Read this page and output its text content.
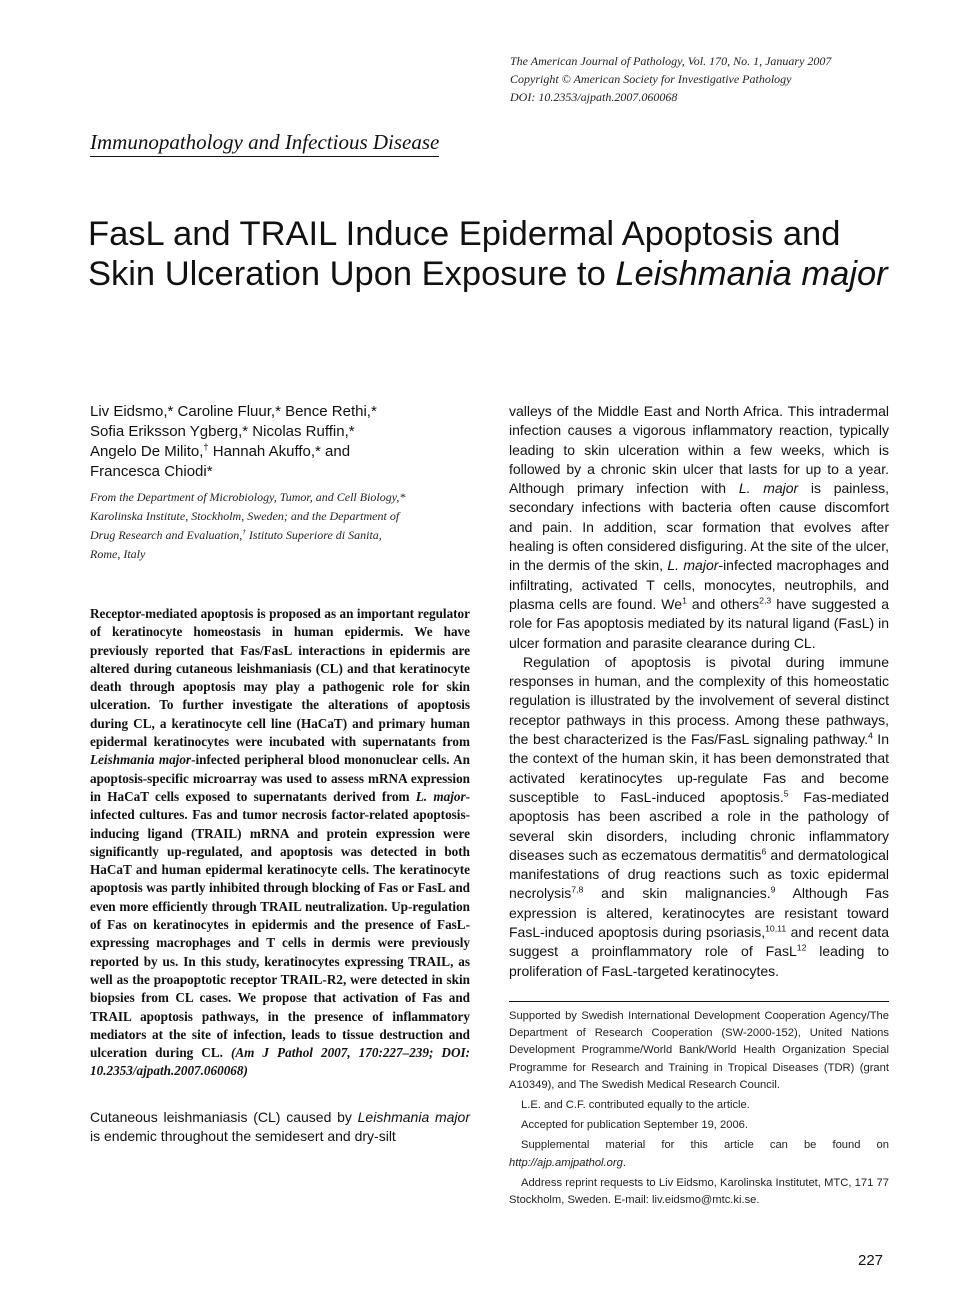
The American Journal of Pathology, Vol. 170, No. 1, January 2007
Copyright © American Society for Investigative Pathology
DOI: 10.2353/ajpath.2007.060068
Immunopathology and Infectious Disease
FasL and TRAIL Induce Epidermal Apoptosis and
Skin Ulceration Upon Exposure to Leishmania major
Liv Eidsmo,* Caroline Fluur,* Bence Rethi,*
Sofia Eriksson Ygberg,* Nicolas Ruffin,*
Angelo De Milito,† Hannah Akuffo,* and
Francesca Chiodi*
From the Department of Microbiology, Tumor, and Cell Biology,*
Karolinska Institute, Stockholm, Sweden; and the Department of
Drug Research and Evaluation,† Istituto Superiore di Sanita,
Rome, Italy
Receptor-mediated apoptosis is proposed as an important regulator of keratinocyte homeostasis in human epidermis. We have previously reported that Fas/FasL interactions in epidermis are altered during cutaneous leishmaniasis (CL) and that keratinocyte death through apoptosis may play a pathogenic role for skin ulceration. To further investigate the alterations of apoptosis during CL, a keratinocyte cell line (HaCaT) and primary human epidermal keratinocytes were incubated with supernatants from Leishmania major-infected peripheral blood mononuclear cells. An apoptosis-specific microarray was used to assess mRNA expression in HaCaT cells exposed to supernatants derived from L. major-infected cultures. Fas and tumor necrosis factor-related apoptosis-inducing ligand (TRAIL) mRNA and protein expression were significantly up-regulated, and apoptosis was detected in both HaCaT and human epidermal keratinocyte cells. The keratinocyte apoptosis was partly inhibited through blocking of Fas or FasL and even more efficiently through TRAIL neutralization. Up-regulation of Fas on keratinocytes in epidermis and the presence of FasL-expressing macrophages and T cells in dermis were previously reported by us. In this study, keratinocytes expressing TRAIL, as well as the proapoptotic receptor TRAIL-R2, were detected in skin biopsies from CL cases. We propose that activation of Fas and TRAIL apoptosis pathways, in the presence of inflammatory mediators at the site of infection, leads to tissue destruction and ulceration during CL. (Am J Pathol 2007, 170:227–239; DOI: 10.2353/ajpath.2007.060068)

Cutaneous leishmaniasis (CL) caused by Leishmania major is endemic throughout the semidesert and dry-silt

valleys of the Middle East and North Africa. This intradermal infection causes a vigorous inflammatory reaction, typically leading to skin ulceration within a few weeks, which is followed by a chronic skin ulcer that lasts for up to a year. Although primary infection with L. major is painless, secondary infections with bacteria often cause discomfort and pain. In addition, scar formation that evolves after healing is often considered disfiguring. At the site of the ulcer, in the dermis of the skin, L. major-infected macrophages and infiltrating, activated T cells, monocytes, neutrophils, and plasma cells are found. We$^1$ and others$^{2,3}$ have suggested a role for Fas apoptosis mediated by its natural ligand (FasL) in ulcer formation and parasite clearance during CL.

Regulation of apoptosis is pivotal during immune responses in human, and the complexity of this homeostatic regulation is illustrated by the involvement of several distinct receptor pathways in this process. Among these pathways, the best characterized is the Fas/FasL signaling pathway.$^4$ In the context of the human skin, it has been demonstrated that activated keratinocytes up-regulate Fas and become susceptible to FasL-induced apoptosis.$^5$ Fas-mediated apoptosis has been ascribed a role in the pathology of several skin disorders, including chronic inflammatory diseases such as eczematous dermatitis$^6$ and dermatological manifestations of drug reactions such as toxic epidermal necrolysis$^{7,8}$ and skin malignancies.$^9$ Although Fas expression is altered, keratinocytes are resistant toward FasL-induced apoptosis during psoriasis,$^{10,11}$ and recent data suggest a proinflammatory role of FasL$^{12}$ leading to proliferation of FasL-targeted keratinocytes.

Supported by Swedish International Development Cooperation Agency/The Department of Research Cooperation (SW-2000-152), United Nations Development Programme/World Bank/World Health Organization Special Programme for Research and Training in Tropical Diseases (TDR) (grant A10349), and The Swedish Medical Research Council.

L.E. and C.F. contributed equally to the article.

Accepted for publication September 19, 2006.

Supplemental material for this article can be found on http://ajp.amjpathol.org.

Address reprint requests to Liv Eidsmo, Karolinska Institutet, MTC, 171 77 Stockholm, Sweden. E-mail: liv.eidsmo@mtc.ki.se.

227
